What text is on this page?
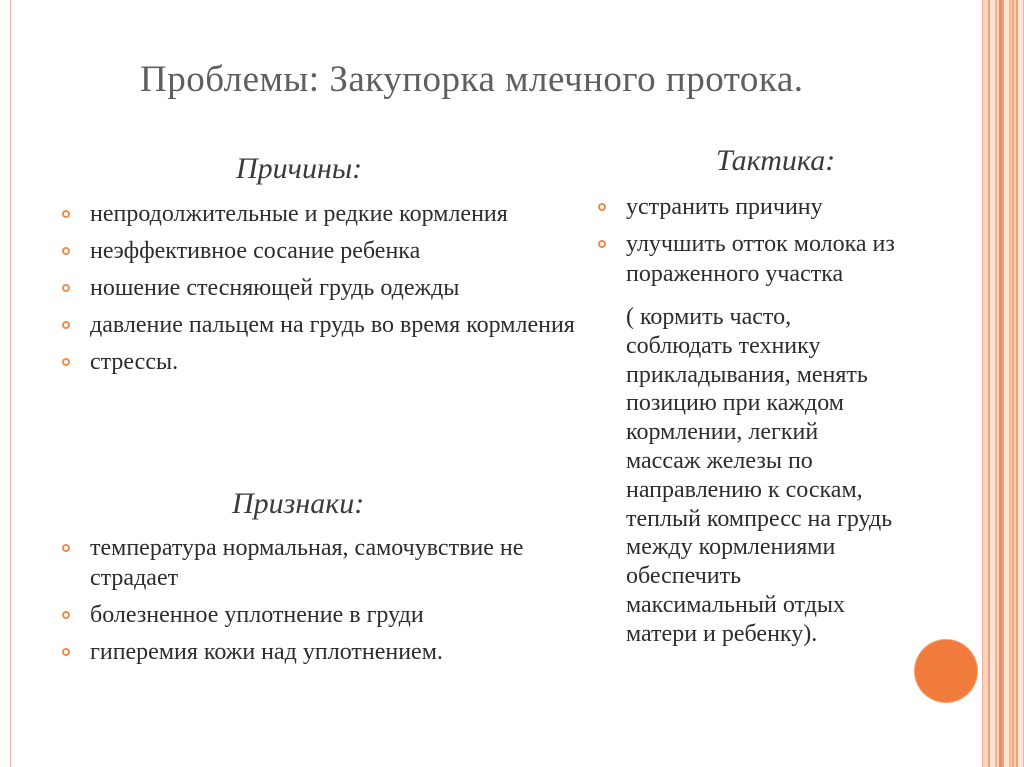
Проблемы: Закупорка млечного протока.
Причины:
непродолжительные и редкие кормления
неэффективное сосание ребенка
ношение стесняющей грудь одежды
давление пальцем на грудь во время кормления
стрессы.
Признаки:
температура нормальная, самочувствие не страдает
болезненное уплотнение в груди
гиперемия кожи над уплотнением.
Тактика:
устранить причину
улучшить отток молока из пораженного участка
( кормить часто,
соблюдать технику
прикладывания, менять
позицию при каждом
кормлении, легкий
массаж железы по
направлению к соскам,
теплый компресс на грудь
между кормлениями
обеспечить
максимальный отдых
матери и ребенку).
